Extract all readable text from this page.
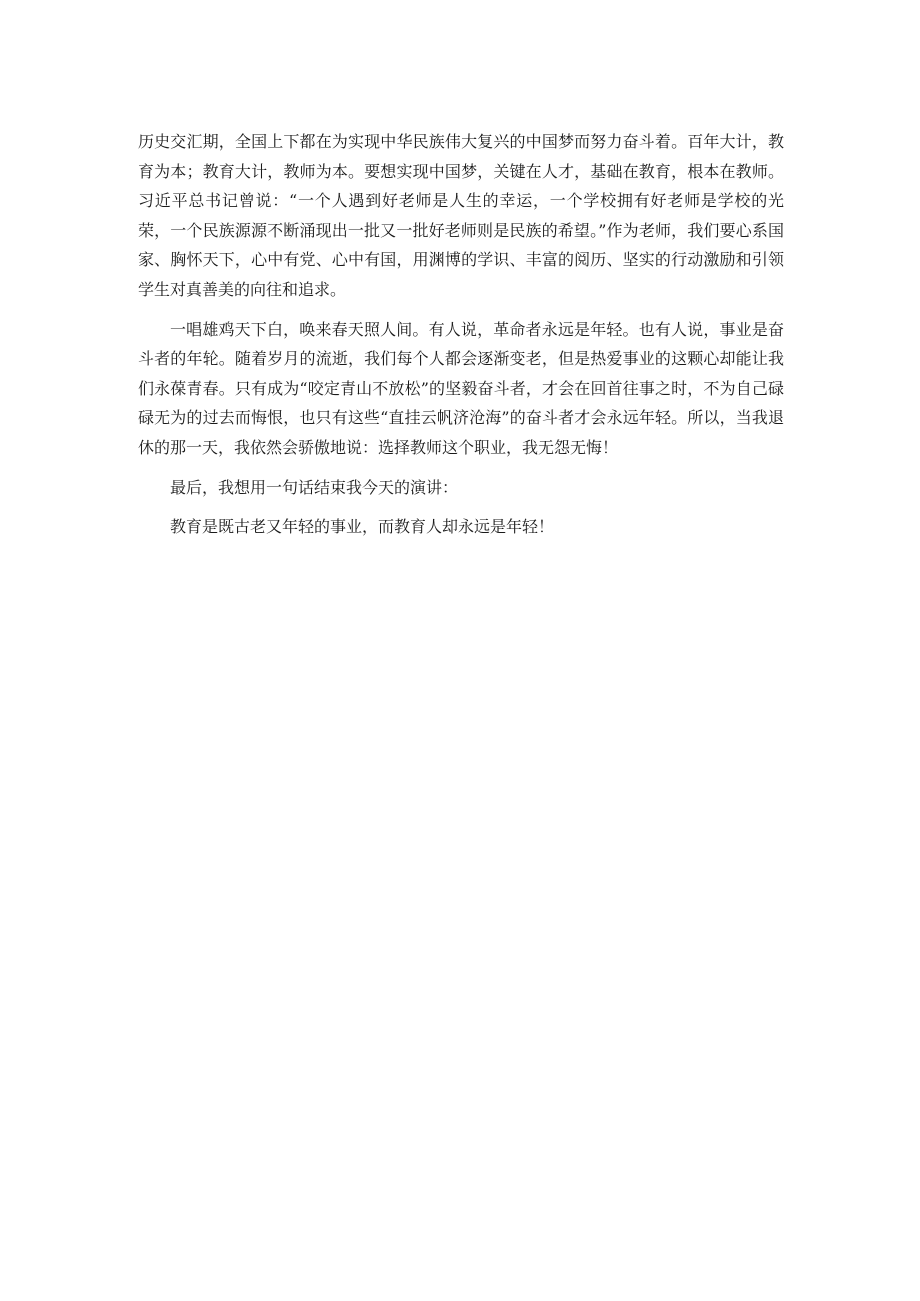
历史交汇期，全国上下都在为实现中华民族伟大复兴的中国梦而努力奋斗着。百年大计，教育为本；教育大计，教师为本。要想实现中国梦，关键在人才，基础在教育，根本在教师。习近平总书记曾说：“一个人遇到好老师是人生的幸运，一个学校拥有好老师是学校的光荣，一个民族源源不断涌现出一批又一批好老师则是民族的希望。”作为老师，我们要心系国家、胸怀天下，心中有党、心中有国，用渊博的学识、丰富的阅历、坚实的行动激励和引领学生对真善美的向往和追求。

一唱雄鸡天下白，唤来春天照人间。有人说，革命者永远是年轻。也有人说，事业是奋斗者的年轮。随着岁月的流逝，我们每个人都会逐渐变老，但是热爱事业的这颗心却能让我们永葆青春。只有成为“咬定青山不放松”的坚毅奋斗者，才会在回首往事之时，不为自己碌碌无为的过去而悔恨，也只有这些“直挂云帆济沧海”的奋斗者才会永远年轻。所以，当我退休的那一天，我依然会骄傲地说：选择教师这个职业，我无怨无悔！

最后，我想用一句话结束我今天的演讲：

教育是既古老又年轻的事业，而教育人却永远是年轻！
